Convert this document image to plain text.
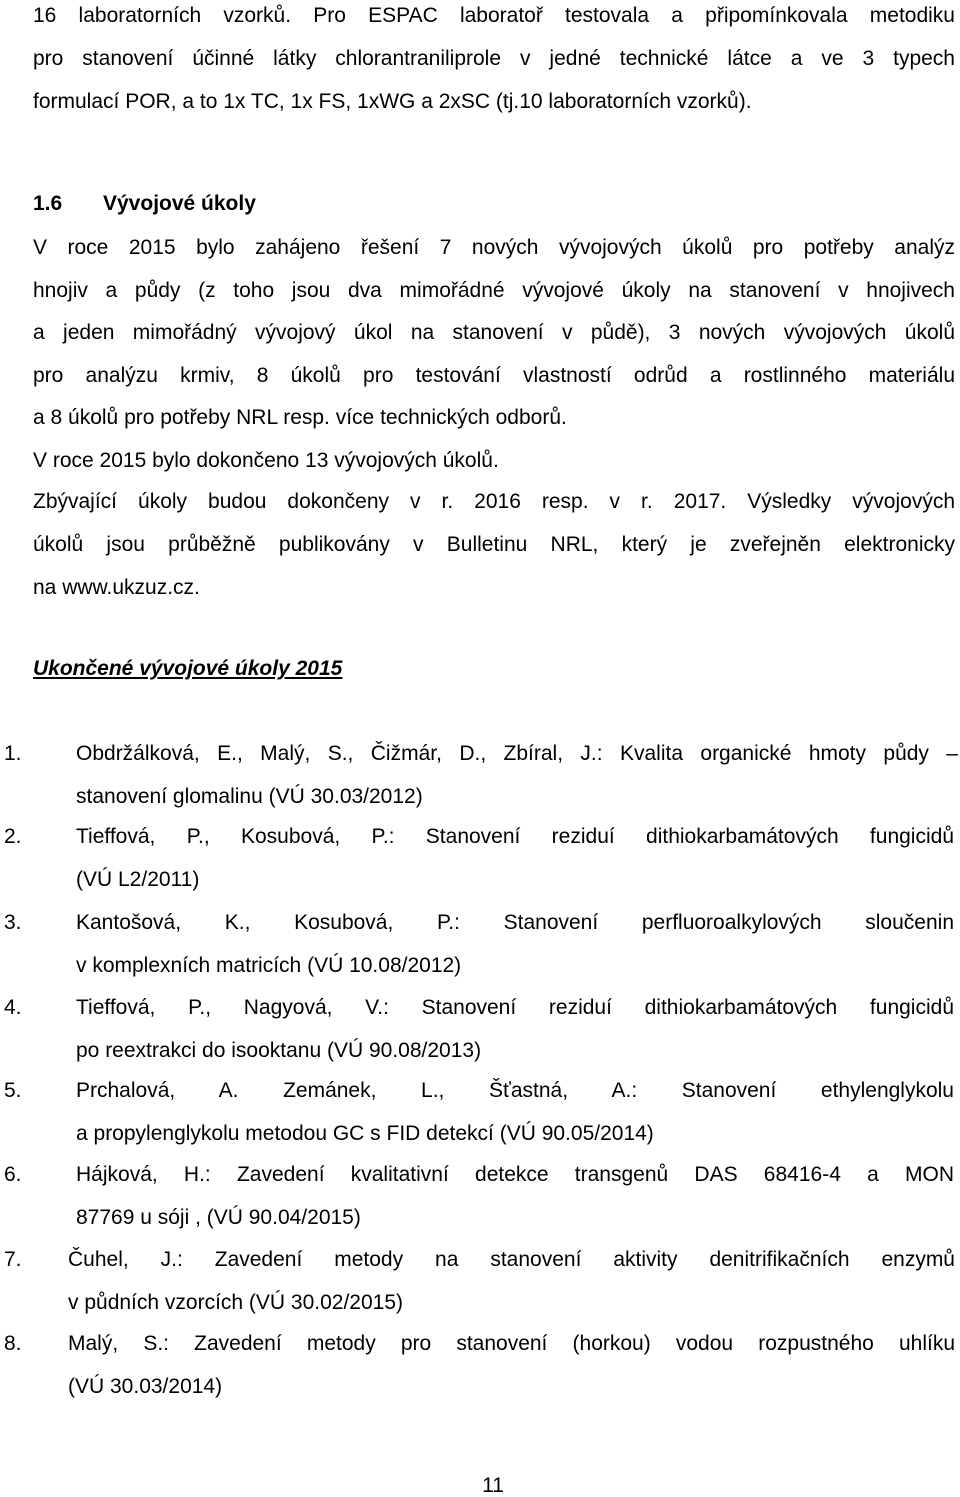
16 laboratorních vzorků. Pro ESPAC laboratoř testovala a připomínkovala metodiku
pro stanovení účinné látky chlorantraniliprole v jedné technické látce a ve 3 typech
formulací POR, a to 1x TC, 1x FS, 1xWG a 2xSC (tj.10 laboratorních vzorků).
1.6 Vývojové úkoly
V roce 2015 bylo zahájeno řešení 7 nových vývojových úkolů pro potřeby analýz
hnojiv a půdy (z toho jsou dva mimořádné vývojové úkoly na stanovení v hnojivech
a jeden mimořádný vývojový úkol na stanovení v půdě), 3 nových vývojových úkolů
pro analýzu krmiv, 8 úkolů pro testování vlastností odrůd a rostlinného materiálu
a 8 úkolů pro potřeby NRL resp. více technických odborů.
V roce 2015 bylo dokončeno 13 vývojových úkolů.
Zbývající úkoly budou dokončeny v r. 2016 resp. v r. 2017. Výsledky vývojových
úkolů jsou průběžně publikovány v Bulletinu NRL, který je zveřejněn elektronicky
na www.ukzuz.cz.
Ukončené vývojové úkoly 2015
1.	Obdržálková, E., Malý, S., Čižmár, D., Zbíral, J.: Kvalita organické hmoty půdy –
stanovení glomalinu (VÚ 30.03/2012)
2.	Tieffová, P., Kosubová, P.: Stanovení reziduí dithiokarbamátových fungicidů
(VÚ L2/2011)
3.	Kantošová, K., Kosubová, P.: Stanovení perfluoroalkylových sloučenin
v komplexních matricích (VÚ 10.08/2012)
4.	Tieffová, P., Nagyová, V.: Stanovení reziduí dithiokarbamátových fungicidů
po reextrakci do isooktanu (VÚ 90.08/2013)
5.	Prchalová, A. Zemánek, L., Šťastná, A.: Stanovení ethylenglykolu
a propylenglykolu metodou GC s FID detekcí (VÚ 90.05/2014)
6.	Hájková, H.: Zavedení kvalitativní detekce transgenů DAS 68416-4 a MON
87769 u sóji , (VÚ 90.04/2015)
7. Čuhel, J.: Zavedení metody na stanovení aktivity denitrifikačních enzymů
v půdních vzorcích (VÚ 30.02/2015)
8. Malý, S.: Zavedení metody pro stanovení (horkou) vodou rozpustného uhlíku
(VÚ 30.03/2014)
11
